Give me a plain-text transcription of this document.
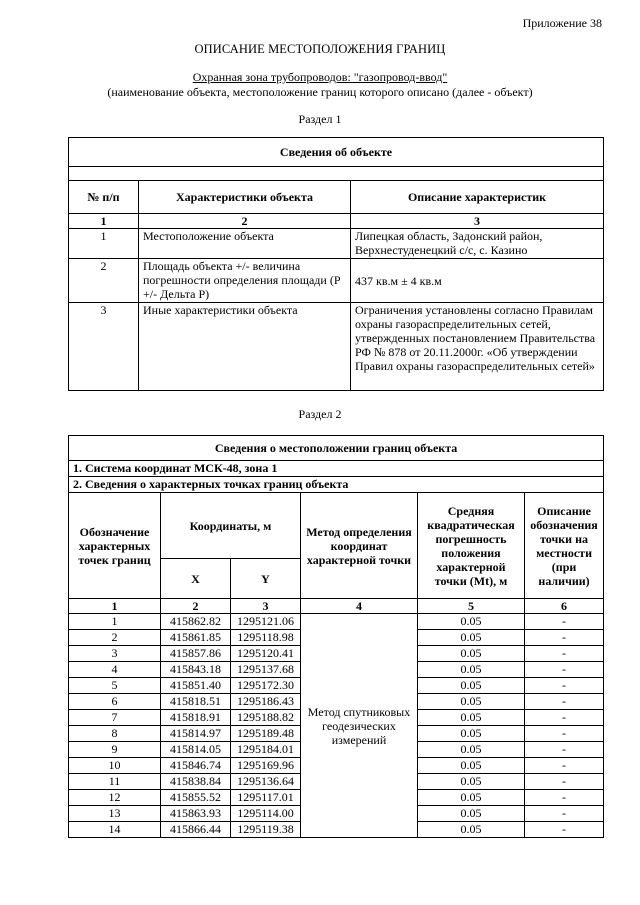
Приложение 38
ОПИСАНИЕ МЕСТОПОЛОЖЕНИЯ ГРАНИЦ
Охранная зона трубопроводов: "газопровод-ввод"
(наименование объекта, местоположение границ которого описано (далее - объект)
Раздел 1
Сведения об объекте		

№ п/п	Характеристики объекта	Описание характеристик
1	2	3
1	Местоположение объекта	Липецкая область, Задонский район, Верхнестуденецкий с/с, с. Казино
2	Площадь объекта +/- величина погрешности определения площади (Р +/- Дельта Р)	437 кв.м ± 4 кв.м
3	Иные характеристики объекта	Ограничения установлены согласно Правилам охраны газораспределительных сетей, утвержденных постановлением Правительства РФ № 878 от 20.11.2000г. «Об утверждении Правил охраны газораспределительных сетей»
Раздел 2
Сведения о местоположении границ объекта					
1. Система координат МСК-48, зона 1					
2. Сведения о характерных точках границ объекта					
Обозначение характерных точек границ	Координаты, м		Метод определения координат характерной точки	Средняя квадратическая погрешность положения характерной точки (Mt), м	Описание обозначения точки на местности (при наличии)
	X	Y			
1	2	3	4	5	6
1	415862.82	1295121.06	Метод спутниковых геодезических измерений	0.05	-
2	415861.85	1295118.98		0.05	-
3	415857.86	1295120.41		0.05	-
4	415843.18	1295137.68		0.05	-
5	415851.40	1295172.30		0.05	-
6	415818.51	1295186.43		0.05	-
7	415818.91	1295188.82		0.05	-
8	415814.97	1295189.48		0.05	-
9	415814.05	1295184.01		0.05	-
10	415846.74	1295169.96		0.05	-
11	415838.84	1295136.64		0.05	-
12	415855.52	1295117.01		0.05	-
13	415863.93	1295114.00		0.05	-
14	415866.44	1295119.38		0.05	-
